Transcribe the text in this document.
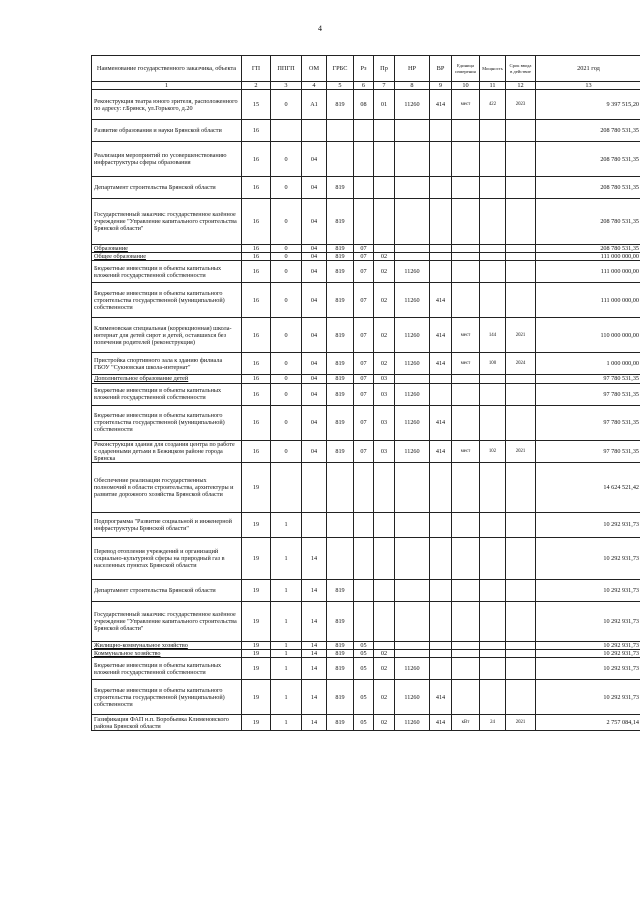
4
Наименование государственного заказчика, объекта	ГП	ППГП	ОМ	ГРБС	Рз	Пр	НР	ВР	Единица измерения	Мощность	Срок ввода в действие	2021 год
1	2	3	4	5	6	7	8	9	10	11	12	13
Реконструкция театра юного зрителя, расположенного по адресу: г.Брянск, ул.Горького, д.20	15	0	А1	819	08	01	11260	414	мест	422	2023	9 397 515,20
Развитие образования и науки Брянской области	16											208 780 531,35
Реализация мероприятий по усовершенствованию инфраструктуры сферы образования	16	0	04									208 780 531,35
Департамент строительства Брянской области	16	0	04	819								208 780 531,35
Государственный заказчик: государственное казённое учреждение "Управление капитального строительства Брянской области"	16	0	04	819								208 780 531,35
Образование	16	0	04	819	07							208 780 531,35
Общее образование	16	0	04	819	07	02						111 000 000,00
Бюджетные инвестиции в объекты капитальных вложений государственной собственности	16	0	04	819	07	02	11260					111 000 000,00
Бюджетные инвестиции в объекты капитального строительства государственной (муниципальной) собственности	16	0	04	819	07	02	11260	414				111 000 000,00
Клименовская специальная (коррекционная) школа-интернат для детей сирот и детей, оставшихся без попечения родителей (реконструкция)	16	0	04	819	07	02	11260	414	мест	144	2021	110 000 000,00
Пристройка спортивного зала к зданию филиала ГБОУ "Сукновская школа-интернат"	16	0	04	819	07	02	11260	414	мест	100	2024	1 000 000,00
Дополнительное образование детей	16	0	04	819	07	03						97 780 531,35
Бюджетные инвестиции в объекты капитальных вложений государственной собственности	16	0	04	819	07	03	11260					97 780 531,35
Бюджетные инвестиции в объекты капитального строительства государственной (муниципальной) собственности	16	0	04	819	07	03	11260	414				97 780 531,35
Реконструкция здания для создания центра по работе с одаренными детьми в Бежицком районе города Брянска	16	0	04	819	07	03	11260	414	мест	102	2021	97 780 531,35
Обеспечение реализации государственных полномочий в области строительства, архитектуры и развитие дорожного хозяйства Брянской области	19											14 624 521,42
Подпрограмма "Развитие социальной и инженерной инфраструктуры Брянской области"	19	1										10 292 931,73
Перевод отопления учреждений и организаций социально-культурной сферы на природный газ в населенных пунктах Брянской области	19	1	14									10 292 931,73
Департамент строительства Брянской области	19	1	14	819								10 292 931,73
Государственный заказчик: государственное казённое учреждение "Управление капитального строительства Брянской области"	19	1	14	819								10 292 931,73
Жилищно-коммунальное хозяйство	19	1	14	819	05							10 292 931,73
Коммунальное хозяйство	19	1	14	819	05	02						10 292 931,73
Бюджетные инвестиции в объекты капитальных вложений государственной собственности	19	1	14	819	05	02	11260					10 292 931,73
Бюджетные инвестиции в объекты капитального строительства государственной (муниципальной) собственности	19	1	14	819	05	02	11260	414				10 292 931,73
Газификация ФАП н.п. Воробьевка Клименовского района Брянской области	19	1	14	819	05	02	11260	414	кВт	24	2021	2 757 084,14
